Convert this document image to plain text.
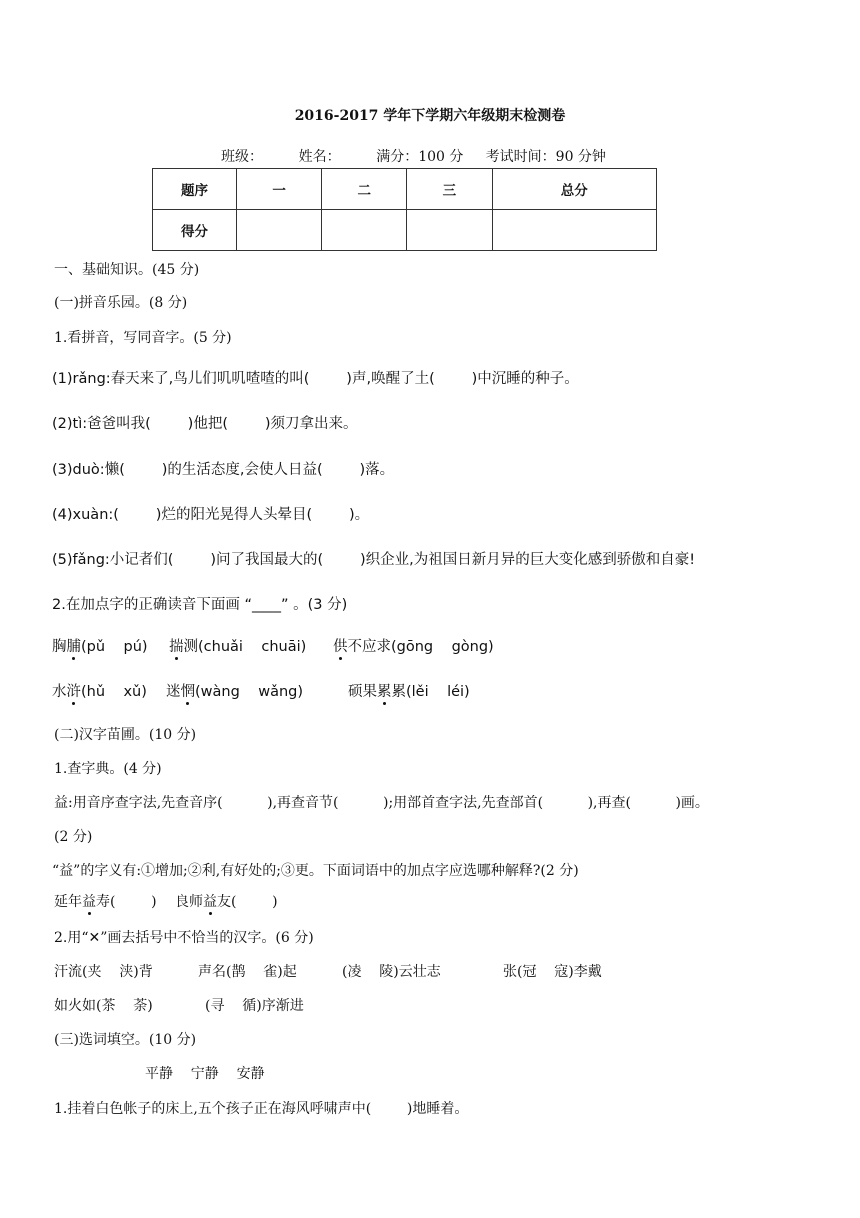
2016-2017 学年下学期六年级期末检测卷
班级：	姓名：	满分：100 分 考试时间：90 分钟
题序	一	二	三	总分
得分				
一、基础知识。(45 分)
(一)拼音乐园。(8 分)
1.看拼音，写同音字。(5 分)
(1)rǎng:春天来了,鸟儿们叽叽喳喳的叫(        )声,唤醒了土(        )中沉睡的种子。
(2)tì:爸爸叫我(        )他把(        )须刀拿出来。
(3)duò:懒(        )的生活态度,会使人日益(        )落。
(4)xuàn:(        )烂的阳光晃得人头晕目(        )。
(5)fǎng:小记者们(        )问了我国最大的(        )织企业,为祖国日新月异的巨大变化感到骄傲和自豪!
2.在加点字的正确读音下面画 “____” 。(3 分)
胸脯(pǔ    pú) 揣测(chuǎi    chuāi) 供不应求(gōng    gòng)
水浒(hǔ    xǔ) 迷惘(wàng    wǎng)	硕果累累(lěi    léi)
(二)汉字苗圃。(10 分)
1.查字典。(4 分)
益:用音序查字法,先查音序(          ),再查音节(          );用部首查字法,先查部首(          ),再查(          )画。
(2 分)
“益”的字义有:①增加;②利,有好处的;③更。下面词语中的加点字应选哪种解释?(2 分)
延年益寿(        ) 良师益友(        )
2.用“✕”画去括号中不恰当的汉字。(6 分)
汗流(夹    浃)背	声名(鹊    雀)起	(凌    陵)云壮志	张(冠    寇)李戴
如火如(茶    荼)	(寻    循)序渐进
(三)选词填空。(10 分)
平静    宁静    安静
1.挂着白色帐子的床上,五个孩子正在海风呼啸声中(        )地睡着。
